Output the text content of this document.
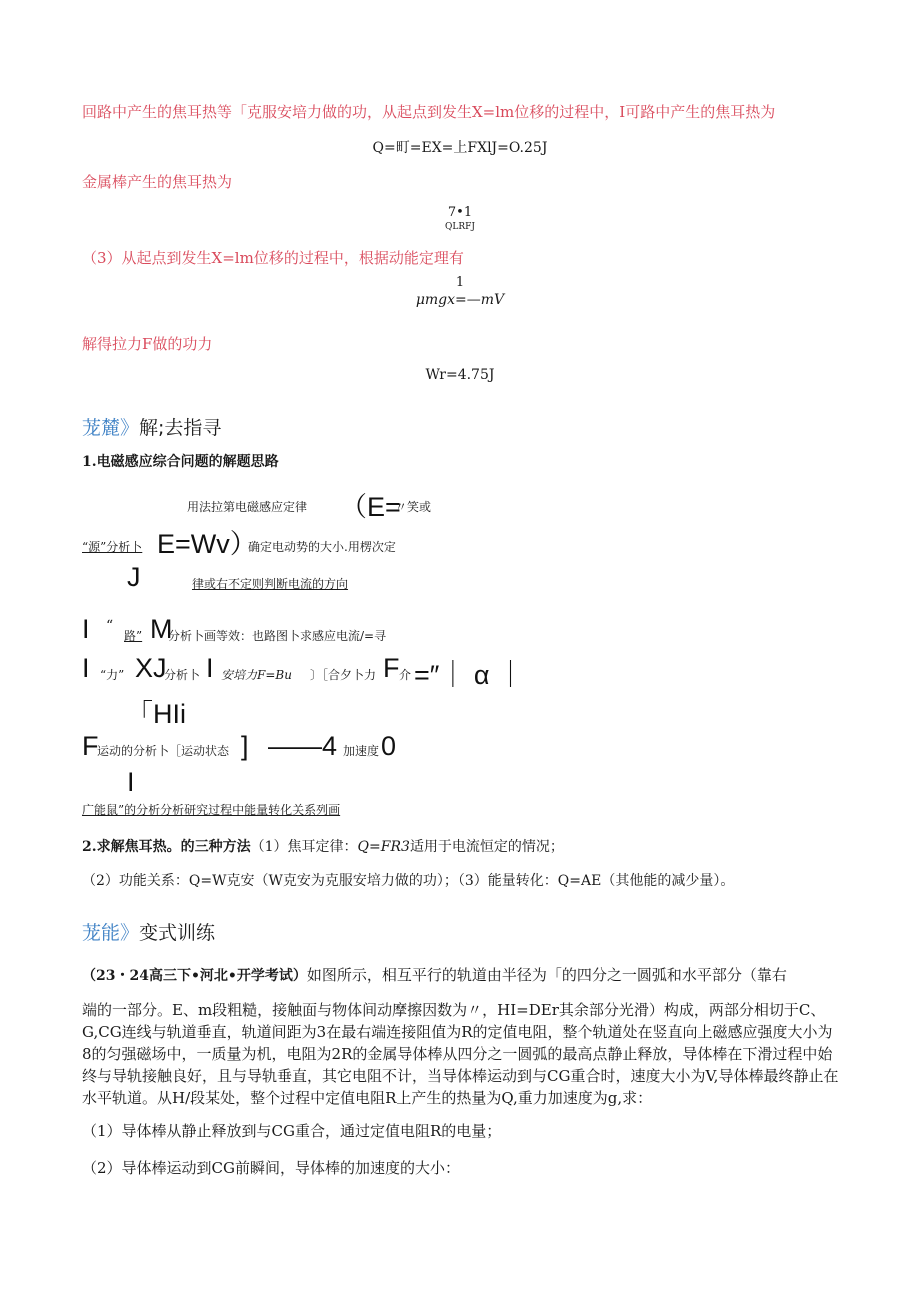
回路中产生的焦耳热等「克服安培力做的功，从起点到发生X=lm位移的过程中，I可路中产生的焦耳热为
Q=町=EX=上FXlJ=O.25J
金属棒产生的焦耳热为
7•1
QLRFJ
（3）从起点到发生X=lm位移的过程中，根据动能定理有
1
μmgx=—mV
解得拉力F做的功力
Wr=4.75J
茏麓》解;去指寻
1.电磁感应综合问题的解题思路
用法拉第电磁感应定律 （E=
〃笑或
“源”分析卜 E=Wv）
确定电动势的大小.用楞次定
J	律或右不定则判断电流的方向
I “
路” M
分析卜画等效：也路图卜求感应电流/=寻
I “力” XJ
分析卜 I 安培力F=Bu 〕［合夕卜力 F 介 =″｜ α ｜
「HIi
F
运动的分析卜［运动状态 ] ——4 加速度 0
I
广能鼠”的分析分析研究过程中能量转化关系列画
2.求解焦耳热。的三种方法（1）焦耳定律：Q=FR3适用于电流恒定的情况；
（2）功能关系：Q=W克安（W克安为克服安培力做的功）；（3）能量转化：Q=AE（其他能的减少量）。
茏能》变式训练
（23・24高三下•河北•开学考试）如图所示，相互平行的轨道由半径为「的四分之一圆弧和水平部分（靠右
端的一部分。E、m段粗糙，接触面与物体间动摩擦因数为〃，HI=DEr其余部分光滑）构成，两部分相切于C、G,CG连线与轨道垂直，轨道间距为3在最右端连接阻值为R的定值电阻，整个轨道处在竖直向上磁感应强度大小为8的匀强磁场中，一质量为机，电阻为2R的金属导体棒从四分之一圆弧的最高点静止释放，导体棒在下滑过程中始终与导轨接触良好，且与导轨垂直，其它电阻不计，当导体棒运动到与CG重合时，速度大小为V,导体棒最终静止在水平轨道。从H/段某处，整个过程中定值电阻R上产生的热量为Q,重力加速度为g,求：
（1）导体棒从静止释放到与CG重合，通过定值电阻R的电量；
（2）导体棒运动到CG前瞬间，导体棒的加速度的大小：
